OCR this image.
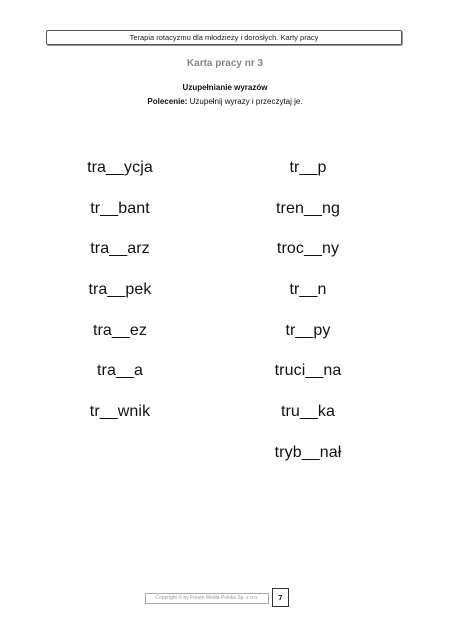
Terapia rotacyzmu dla młodzieży i dorosłych. Karty pracy
Karta pracy nr 3
Uzupełnianie wyrazów
Polecenie: Uzupełnij wyrazy i przeczytaj je.
tra__ycja
tr__bant
tra__arz
tra__pek
tra__ez
tra__a
tr__wnik
tr__p
tren__ng
troc__ny
tr__n
tr__py
truci__na
tru__ka
tryb__nał
Copyright © by Forum Media Polska Sp. z o.o.	7
